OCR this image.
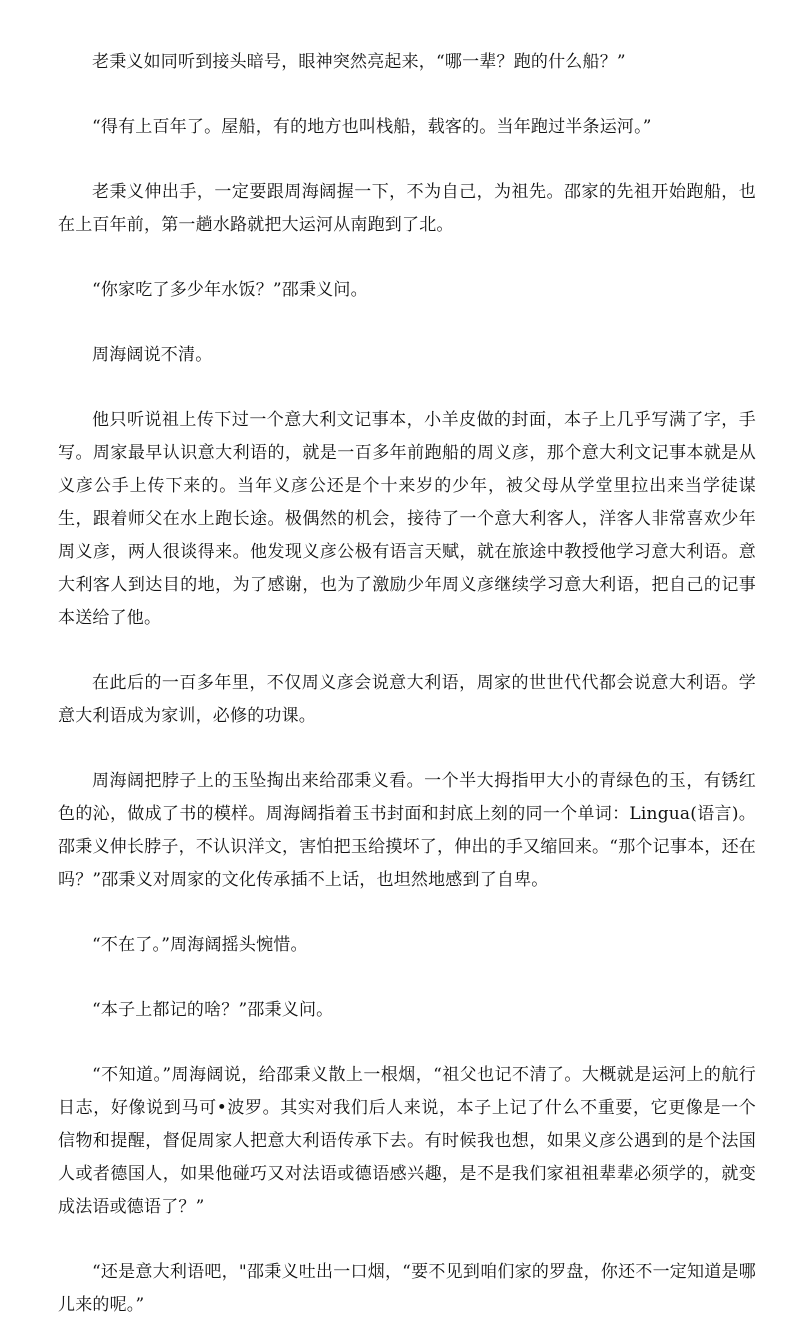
老秉义如同听到接头暗号，眼神突然亮起来，“哪一辈？跑的什么船？”

“得有上百年了。屋船，有的地方也叫栈船，载客的。当年跑过半条运河。”

老秉义伸出手，一定要跟周海阔握一下，不为自己，为祖先。邵家的先祖开始跑船，也在上百年前，第一趟水路就把大运河从南跑到了北。

“你家吃了多少年水饭？”邵秉义问。

周海阔说不清。

他只听说祖上传下过一个意大利文记事本，小羊皮做的封面，本子上几乎写满了字，手写。周家最早认识意大利语的，就是一百多年前跑船的周义彦，那个意大利文记事本就是从义彦公手上传下来的。当年义彦公还是个十来岁的少年，被父母从学堂里拉出来当学徒谋生，跟着师父在水上跑长途。极偶然的机会，接待了一个意大利客人，洋客人非常喜欢少年周义彦，两人很谈得来。他发现义彦公极有语言天赋，就在旅途中教授他学习意大利语。意大利客人到达目的地，为了感谢，也为了激励少年周义彦继续学习意大利语，把自己的记事本送给了他。

在此后的一百多年里，不仅周义彦会说意大利语，周家的世世代代都会说意大利语。学意大利语成为家训，必修的功课。

周海阔把脖子上的玉坠掏出来给邵秉义看。一个半大拇指甲大小的青绿色的玉，有锈红色的沁，做成了书的模样。周海阔指着玉书封面和封底上刻的同一个单词：Lingua(语言)。邵秉义伸长脖子，不认识洋文，害怕把玉给摸坏了，伸出的手又缩回来。“那个记事本，还在吗？”邵秉义对周家的文化传承插不上话，也坦然地感到了自卑。

“不在了。”周海阔摇头惋惜。

“本子上都记的啥？”邵秉义问。

“不知道。”周海阔说，给邵秉义散上一根烟，“祖父也记不清了。大概就是运河上的航行日志，好像说到马可•波罗。其实对我们后人来说，本子上记了什么不重要，它更像是一个信物和提醒，督促周家人把意大利语传承下去。有时候我也想，如果义彦公遇到的是个法国人或者德国人，如果他碰巧又对法语或德语感兴趣，是不是我们家祖祖辈辈必须学的，就变成法语或德语了？”

“还是意大利语吧，"邵秉义吐出一口烟，“要不见到咱们家的罗盘，你还不一定知道是哪儿来的呢。”
